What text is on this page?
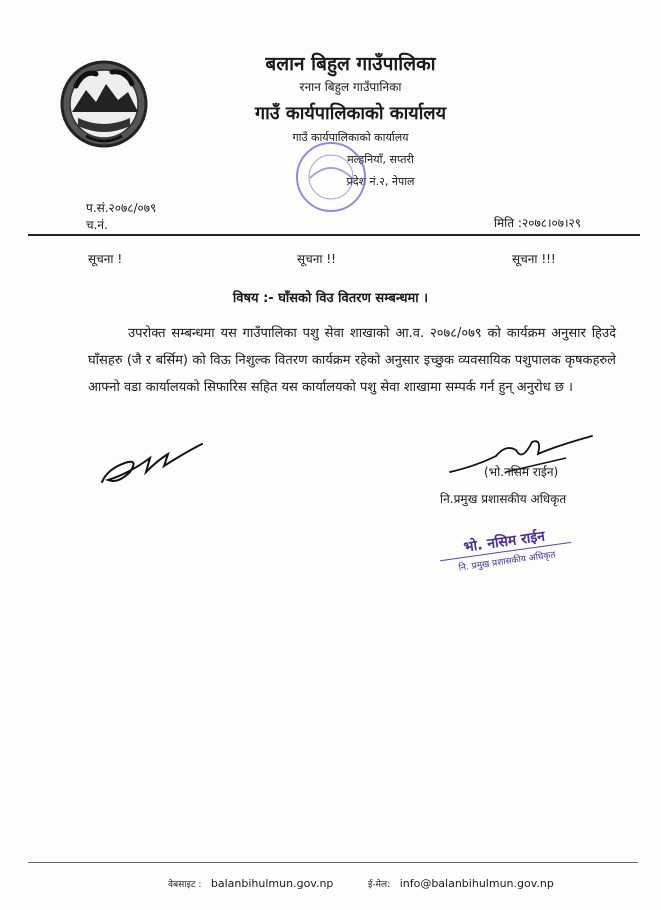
बलान बिहुल गाउँपालिका
रनान बिहुल गाउँपानिका
गाउँ कार्यपालिकाको कार्यालय
गाउँ कार्यपालिकाको कार्यालय
मल्हनियाँ, सप्तरी
प्रदेश नं.२, नेपाल
प.सं.२०७८/०७९
च.नं.	मिति :२०७८।०७।२९
सूचना !	सूचना !!	सूचना !!!
विषय :- घाँसको विउ वितरण सम्बन्धमा ।
उपरोक्त सम्बन्धमा यस गाउँपालिका पशु सेवा शाखाको आ.व. २०७८/०७९ को कार्यक्रम अनुसार हिउदे घाँसहरु (जै र बर्सिम) को विऊ निशुल्क वितरण कार्यक्रम रहेको अनुसार इच्छुक व्यवसायिक पशुपालक कृषकहरुले आफ्नो वडा कार्यालयको सिफारिस सहित यस कार्यालयको पशु सेवा शाखामा सम्पर्क गर्न हुन् अनुरोध छ ।
(भो.नसिम राईन)
नि.प्रमुख प्रशासकीय अधिकृत
भो. नसिम राईन
नि. प्रमुख प्रशासकीय अधिकृत
वेबसाइट : balanbihulmun.gov.np	ई-मेल: info@balanbihulmun.gov.np
